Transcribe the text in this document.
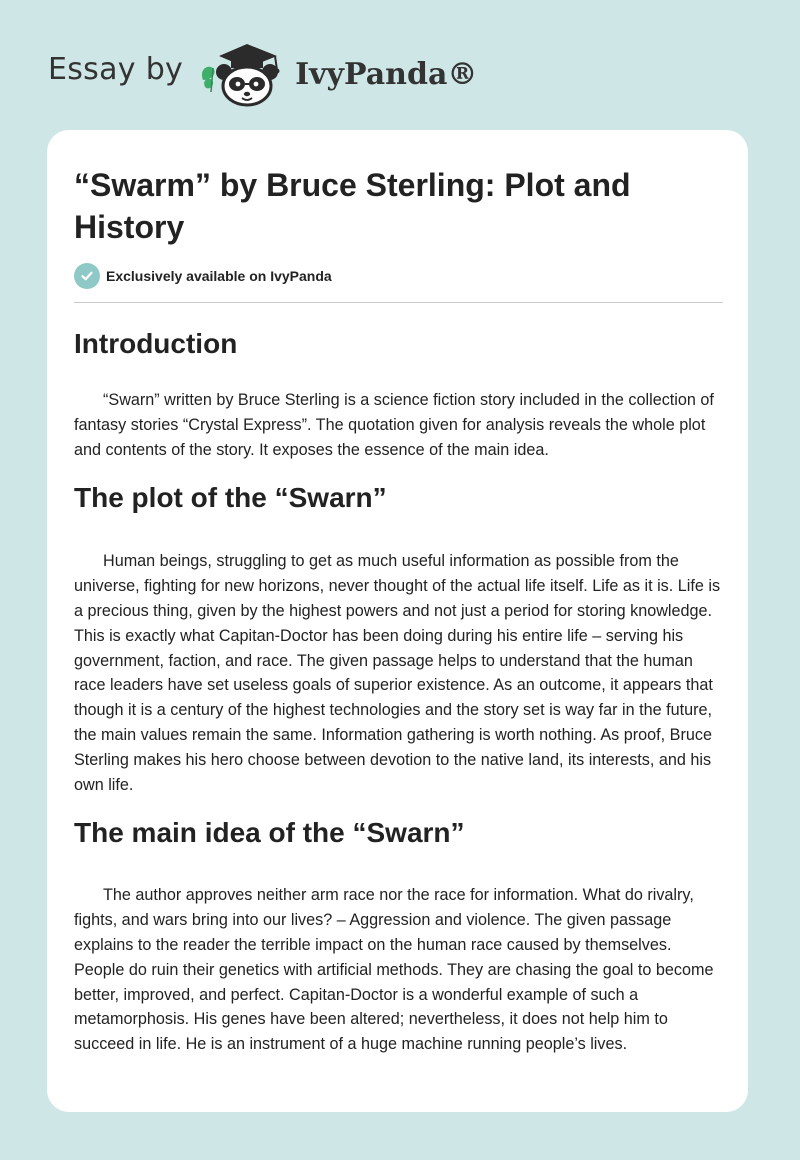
Essay by	IvyPanda®
“Swarm” by Bruce Sterling: Plot and History
Exclusively available on IvyPanda
Introduction

“Swarn” written by Bruce Sterling is a science fiction story included in the collection of fantasy stories “Crystal Express”. The quotation given for analysis reveals the whole plot and contents of the story. It exposes the essence of the main idea.

The plot of the “Swarn”

Human beings, struggling to get as much useful information as possible from the universe, fighting for new horizons, never thought of the actual life itself. Life as it is. Life is a precious thing, given by the highest powers and not just a period for storing knowledge. This is exactly what Capitan-Doctor has been doing during his entire life – serving his government, faction, and race. The given passage helps to understand that the human race leaders have set useless goals of superior existence. As an outcome, it appears that though it is a century of the highest technologies and the story set is way far in the future, the main values remain the same. Information gathering is worth nothing. As proof, Bruce Sterling makes his hero choose between devotion to the native land, its interests, and his own life.

The main idea of the “Swarn”

The author approves neither arm race nor the race for information. What do rivalry, fights, and wars bring into our lives? – Aggression and violence. The given passage explains to the reader the terrible impact on the human race caused by themselves. People do ruin their genetics with artificial methods. They are chasing the goal to become better, improved, and perfect. Capitan-Doctor is a wonderful example of such a metamorphosis. His genes have been altered; nevertheless, it does not help him to succeed in life. He is an instrument of a huge machine running people’s lives.
